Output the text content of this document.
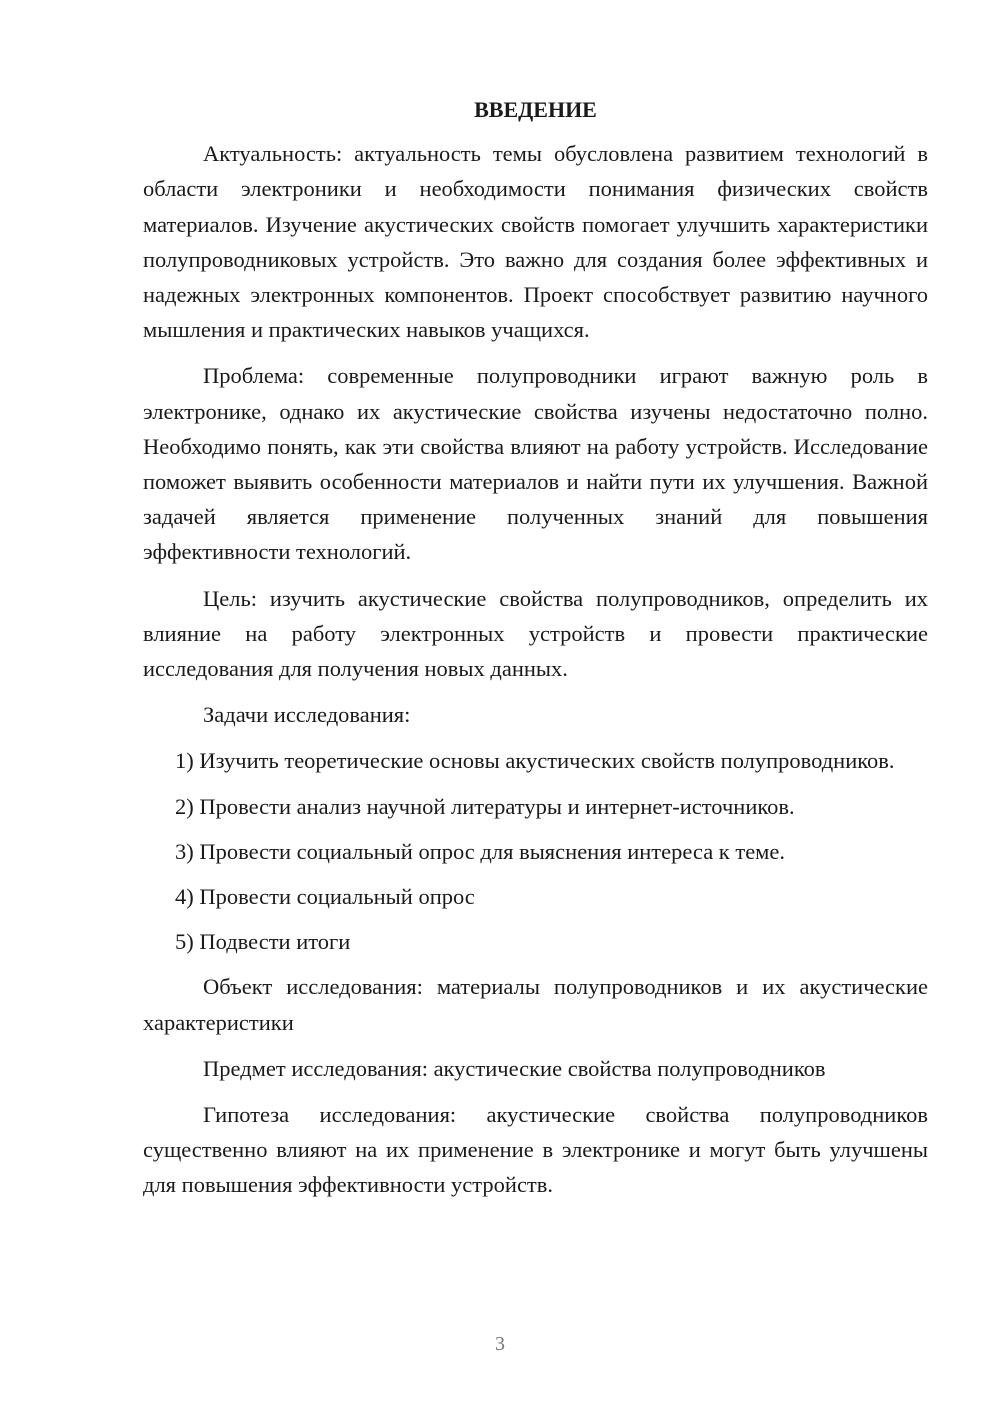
ВВЕДЕНИЕ

Актуальность: актуальность темы обусловлена развитием технологий в области электроники и необходимости понимания физических свойств материалов. Изучение акустических свойств помогает улучшить характеристики полупроводниковых устройств. Это важно для создания более эффективных и надежных электронных компонентов. Проект способствует развитию научного мышления и практических навыков учащихся.

Проблема: современные полупроводники играют важную роль в электронике, однако их акустические свойства изучены недостаточно полно. Необходимо понять, как эти свойства влияют на работу устройств. Исследование поможет выявить особенности материалов и найти пути их улучшения. Важной задачей является применение полученных знаний для повышения эффективности технологий.

Цель: изучить акустические свойства полупроводников, определить их влияние на работу электронных устройств и провести практические исследования для получения новых данных.

Задачи исследования:

1) Изучить теоретические основы акустических свойств полупроводников.

2) Провести анализ научной литературы и интернет-источников.

3) Провести социальный опрос для выяснения интереса к теме.

4) Провести социальный опрос

5) Подвести итоги

Объект исследования: материалы полупроводников и их акустические характеристики

Предмет исследования: акустические свойства полупроводников

Гипотеза исследования: акустические свойства полупроводников существенно влияют на их применение в электронике и могут быть улучшены для повышения эффективности устройств.

3
